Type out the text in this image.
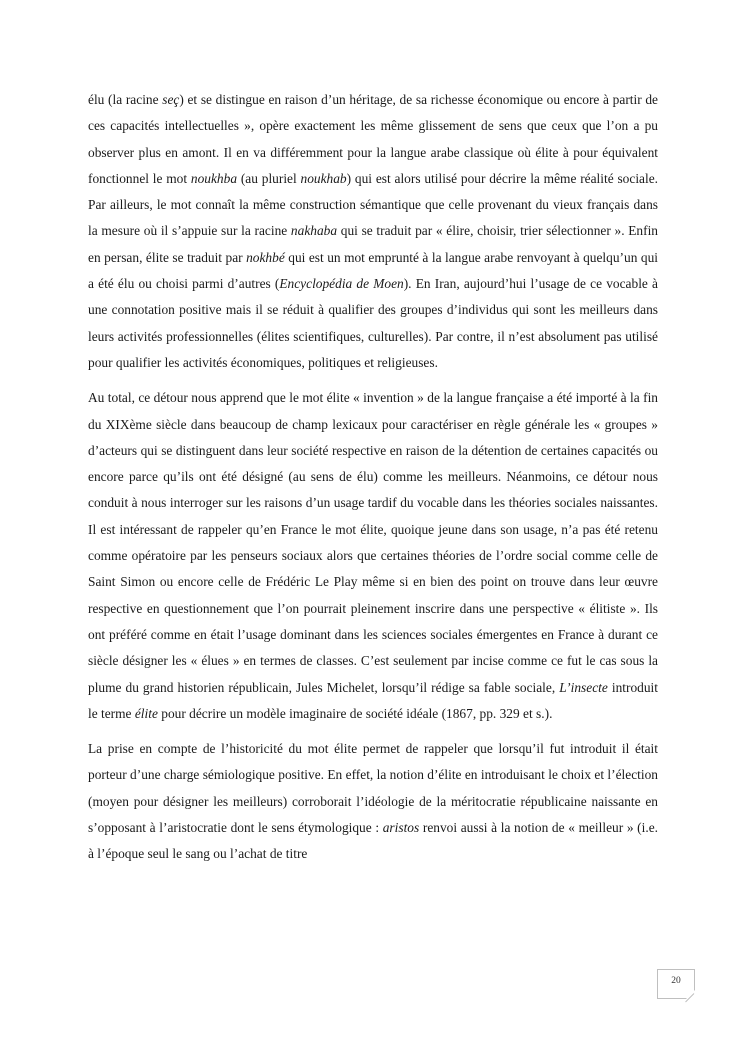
élu (la racine seç) et se distingue en raison d’un héritage, de sa richesse économique ou encore à partir de ces capacités intellectuelles », opère exactement les même glissement de sens que ceux que l’on a pu observer plus en amont. Il en va différemment pour la langue arabe classique où élite à pour équivalent fonctionnel le mot noukhba (au pluriel noukhab) qui est alors utilisé pour décrire la même réalité sociale. Par ailleurs, le mot connaît la même construction sémantique que celle provenant du vieux français dans la mesure où il s’appuie sur la racine nakhaba qui se traduit par « élire, choisir, trier sélectionner ». Enfin en persan, élite se traduit par nokhbé qui est un mot emprunté à la langue arabe renvoyant à quelqu’un qui a été élu ou choisi parmi d’autres (Encyclopédia de Moen). En Iran, aujourd’hui l’usage de ce vocable à une connotation positive mais il se réduit à qualifier des groupes d’individus qui sont les meilleurs dans leurs activités professionnelles (élites scientifiques, culturelles). Par contre, il n’est absolument pas utilisé pour qualifier les activités économiques, politiques et religieuses.

Au total, ce détour nous apprend que le mot élite « invention » de la langue française a été importé à la fin du XIXème siècle dans beaucoup de champ lexicaux pour caractériser en règle générale les « groupes » d’acteurs qui se distinguent dans leur société respective en raison de la détention de certaines capacités ou encore parce qu’ils ont été désigné (au sens de élu) comme les meilleurs. Néanmoins, ce détour nous conduit à nous interroger sur les raisons d’un usage tardif du vocable dans les théories sociales naissantes. Il est intéressant de rappeler qu’en France le mot élite, quoique jeune dans son usage, n’a pas été retenu comme opératoire par les penseurs sociaux alors que certaines théories de l’ordre social comme celle de Saint Simon ou encore celle de Frédéric Le Play même si en bien des point on trouve dans leur œuvre respective en questionnement que l’on pourrait pleinement inscrire dans une perspective « élitiste ». Ils ont préféré comme en était l’usage dominant dans les sciences sociales émergentes en France à durant ce siècle désigner les « élues » en termes de classes. C’est seulement par incise comme ce fut le cas sous la plume du grand historien républicain, Jules Michelet, lorsqu’il rédige sa fable sociale, L’insecte introduit le terme élite pour décrire un modèle imaginaire de société idéale (1867, pp. 329 et s.).

La prise en compte de l’historicité du mot élite permet de rappeler que lorsqu’il fut introduit il était porteur d’une charge sémiologique positive. En effet, la notion d’élite en introduisant le choix et l’élection (moyen pour désigner les meilleurs) corroborait l’idéologie de la méritocratie républicaine naissante en s’opposant à l’aristocratie dont le sens étymologique : aristos renvoi aussi à la notion de « meilleur » (i.e. à l’époque seul le sang ou l’achat de titre

20
